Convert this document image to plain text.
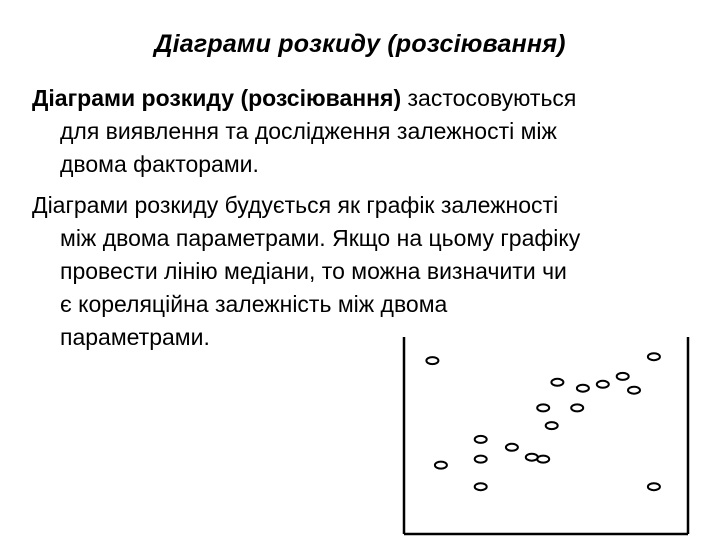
Діаграми розкиду (розсіювання)
Діаграми розкиду (розсіювання) застосовуються
для виявлення та дослідження залежності між
двома факторами.
Діаграми розкиду будується як графік залежності
між двома параметрами. Якщо на цьому графіку
провести лінію медіани, то можна визначити чи
є кореляційна залежність між двома
параметрами.
